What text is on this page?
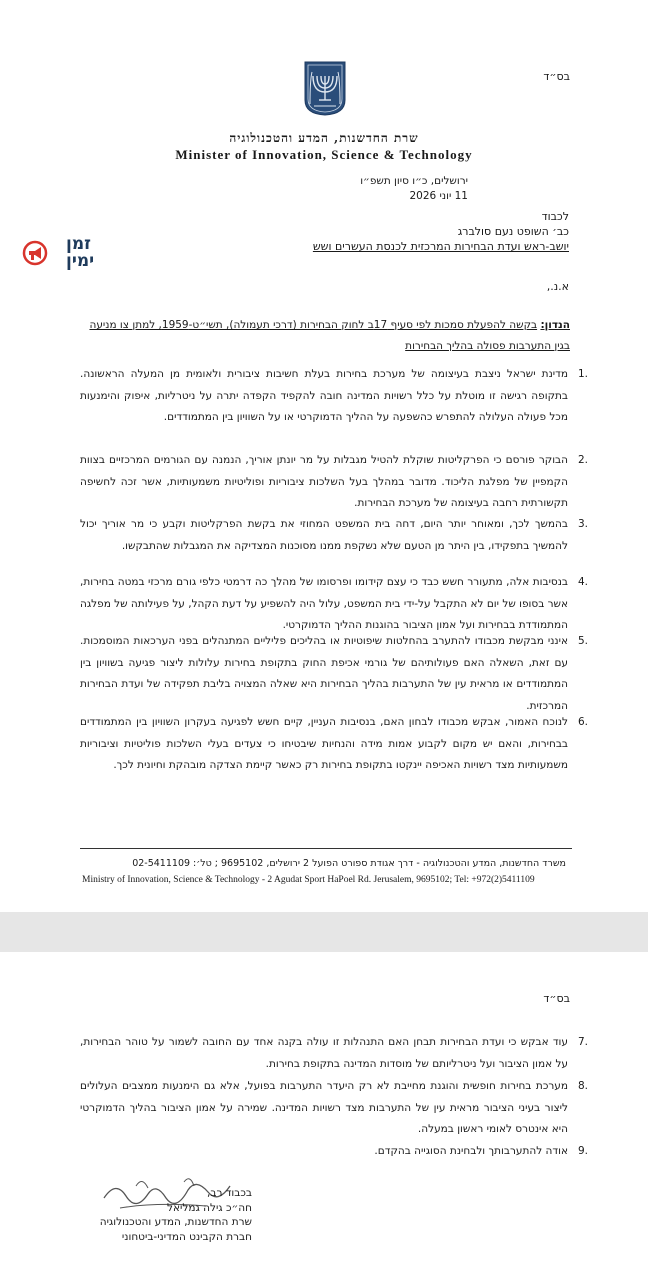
בס״ד
שרת החדשנות, המדע והטכנולוגיה
Minister of Innovation, Science & Technology
ירושלים, כ״ו סיון תשפ״ו
11 יוני 2026
לכבוד
כב׳ השופט נעם סולברג
יושב-ראש ועדת הבחירות המרכזית לכנסת העשרים ושש
זמן
ימין
א.נ.,
הנדון: בקשה להפעלת סמכות לפי סעיף 17ב לחוק הבחירות (דרכי תעמולה), תשי״ט-1959, למתן צו מניעה בגין התערבות פסולה בהליך הבחירות
.1
מדינת ישראל ניצבת בעיצומה של מערכת בחירות בעלת חשיבות ציבורית ולאומית מן המעלה הראשונה. בתקופה רגישה זו מוטלת על כלל רשויות המדינה חובה להקפיד הקפדה יתרה על ניטרליות, איפוק והימנעות מכל פעולה העלולה להתפרש כהשפעה על ההליך הדמוקרטי או על השוויון בין המתמודדים.
.2
הבוקר פורסם כי הפרקליטות שוקלת להטיל מגבלות על מר יונתן אוריך, הנמנה עם הגורמים המרכזיים בצוות הקמפיין של מפלגת הליכוד. מדובר במהלך בעל השלכות ציבוריות ופוליטיות משמעותיות, אשר זכה לחשיפה תקשורתית רחבה בעיצומה של מערכת הבחירות.
.3
בהמשך לכך, ומאוחר יותר היום, דחה בית המשפט המחוזי את בקשת הפרקליטות וקבע כי מר אוריך יכול להמשיך בתפקידו, בין היתר מן הטעם שלא נשקפת ממנו מסוכנות המצדיקה את המגבלות שהתבקשו.
.4
בנסיבות אלה, מתעורר חשש כבד כי עצם קידומו ופרסומו של מהלך כה דרמטי כלפי גורם מרכזי במטה בחירות, אשר בסופו של יום לא התקבל על-ידי בית המשפט, עלול היה להשפיע על דעת הקהל, על פעילותה של מפלגה המתמודדת בבחירות ועל אמון הציבור בהוגנות ההליך הדמוקרטי.
.5
אינני מבקשת מכבודו להתערב בהחלטות שיפוטיות או בהליכים פליליים המתנהלים בפני הערכאות המוסמכות. עם זאת, השאלה האם פעולותיהם של גורמי אכיפת החוק בתקופת בחירות עלולות ליצור פגיעה בשוויון בין המתמודדים או מראית עין של התערבות בהליך הבחירות היא שאלה המצויה בליבת תפקידה של ועדת הבחירות המרכזית.
.6
לנוכח האמור, אבקש מכבודו לבחון האם, בנסיבות העניין, קיים חשש לפגיעה בעקרון השוויון בין המתמודדים בבחירות, והאם יש מקום לקבוע אמות מידה והנחיות שיבטיחו כי צעדים בעלי השלכות פוליטיות וציבוריות משמעותיות מצד רשויות האכיפה יינקטו בתקופת בחירות רק כאשר קיימת הצדקה מובהקת וחיונית לכך.
משרד החדשנות, המדע והטכנולוגיה - דרך אגודת ספורט הפועל 2 ירושלים, 9695102 ; טל׳: 02-5411109
Ministry of Innovation, Science & Technology - 2 Agudat Sport HaPoel Rd. Jerusalem, 9695102; Tel: +972(2)5411109
בס״ד
.7
עוד אבקש כי ועדת הבחירות תבחן האם התנהלות זו עולה בקנה אחד עם החובה לשמור על טוהר הבחירות, על אמון הציבור ועל ניטרליותם של מוסדות המדינה בתקופת בחירות.
.8
מערכת בחירות חופשית והוגנת מחייבת לא רק היעדר התערבות בפועל, אלא גם הימנעות ממצבים העלולים ליצור בעיני הציבור מראית עין של התערבות מצד רשויות המדינה. שמירה על אמון הציבור בהליך הדמוקרטי היא אינטרס לאומי ראשון במעלה.
.9
אודה להתערבותך ולבחינת הסוגייה בהקדם.
בכבוד רב,
חה״כ גילה גמליאל
שרת החדשנות, המדע והטכנולוגיה
חברת הקבינט המדיני-ביטחוני
